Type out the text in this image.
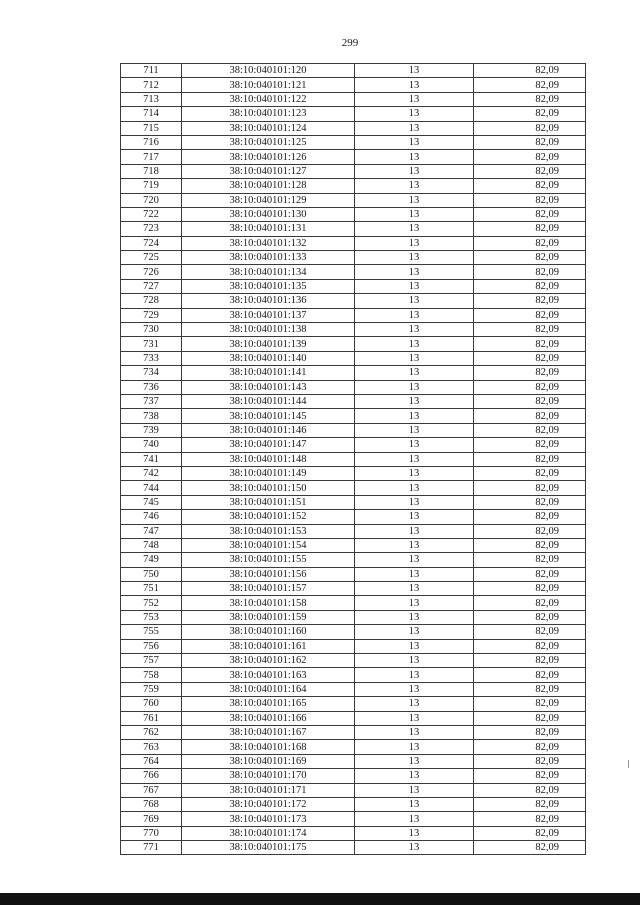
299
711	38:10:040101:120	13	82,09
712	38:10:040101:121	13	82,09
713	38:10:040101:122	13	82,09
714	38:10:040101:123	13	82,09
715	38:10:040101:124	13	82,09
716	38:10:040101:125	13	82,09
717	38:10:040101:126	13	82,09
718	38:10:040101:127	13	82,09
719	38:10:040101:128	13	82,09
720	38:10:040101:129	13	82,09
722	38:10:040101:130	13	82,09
723	38:10:040101:131	13	82,09
724	38:10:040101:132	13	82,09
725	38:10:040101:133	13	82,09
726	38:10:040101:134	13	82,09
727	38:10:040101:135	13	82,09
728	38:10:040101:136	13	82,09
729	38:10:040101:137	13	82,09
730	38:10:040101:138	13	82,09
731	38:10:040101:139	13	82,09
733	38:10:040101:140	13	82,09
734	38:10:040101:141	13	82,09
736	38:10:040101:143	13	82,09
737	38:10:040101:144	13	82,09
738	38:10:040101:145	13	82,09
739	38:10:040101:146	13	82,09
740	38:10:040101:147	13	82,09
741	38:10:040101:148	13	82,09
742	38:10:040101:149	13	82,09
744	38:10:040101:150	13	82,09
745	38:10:040101:151	13	82,09
746	38:10:040101:152	13	82,09
747	38:10:040101:153	13	82,09
748	38:10:040101:154	13	82,09
749	38:10:040101:155	13	82,09
750	38:10:040101:156	13	82,09
751	38:10:040101:157	13	82,09
752	38:10:040101:158	13	82,09
753	38:10:040101:159	13	82,09
755	38:10:040101:160	13	82,09
756	38:10:040101:161	13	82,09
757	38:10:040101:162	13	82,09
758	38:10:040101:163	13	82,09
759	38:10:040101:164	13	82,09
760	38:10:040101:165	13	82,09
761	38:10:040101:166	13	82,09
762	38:10:040101:167	13	82,09
763	38:10:040101:168	13	82,09
764	38:10:040101:169	13	82,09
766	38:10:040101:170	13	82,09
767	38:10:040101:171	13	82,09
768	38:10:040101:172	13	82,09
769	38:10:040101:173	13	82,09
770	38:10:040101:174	13	82,09
771	38:10:040101:175	13	82,09
